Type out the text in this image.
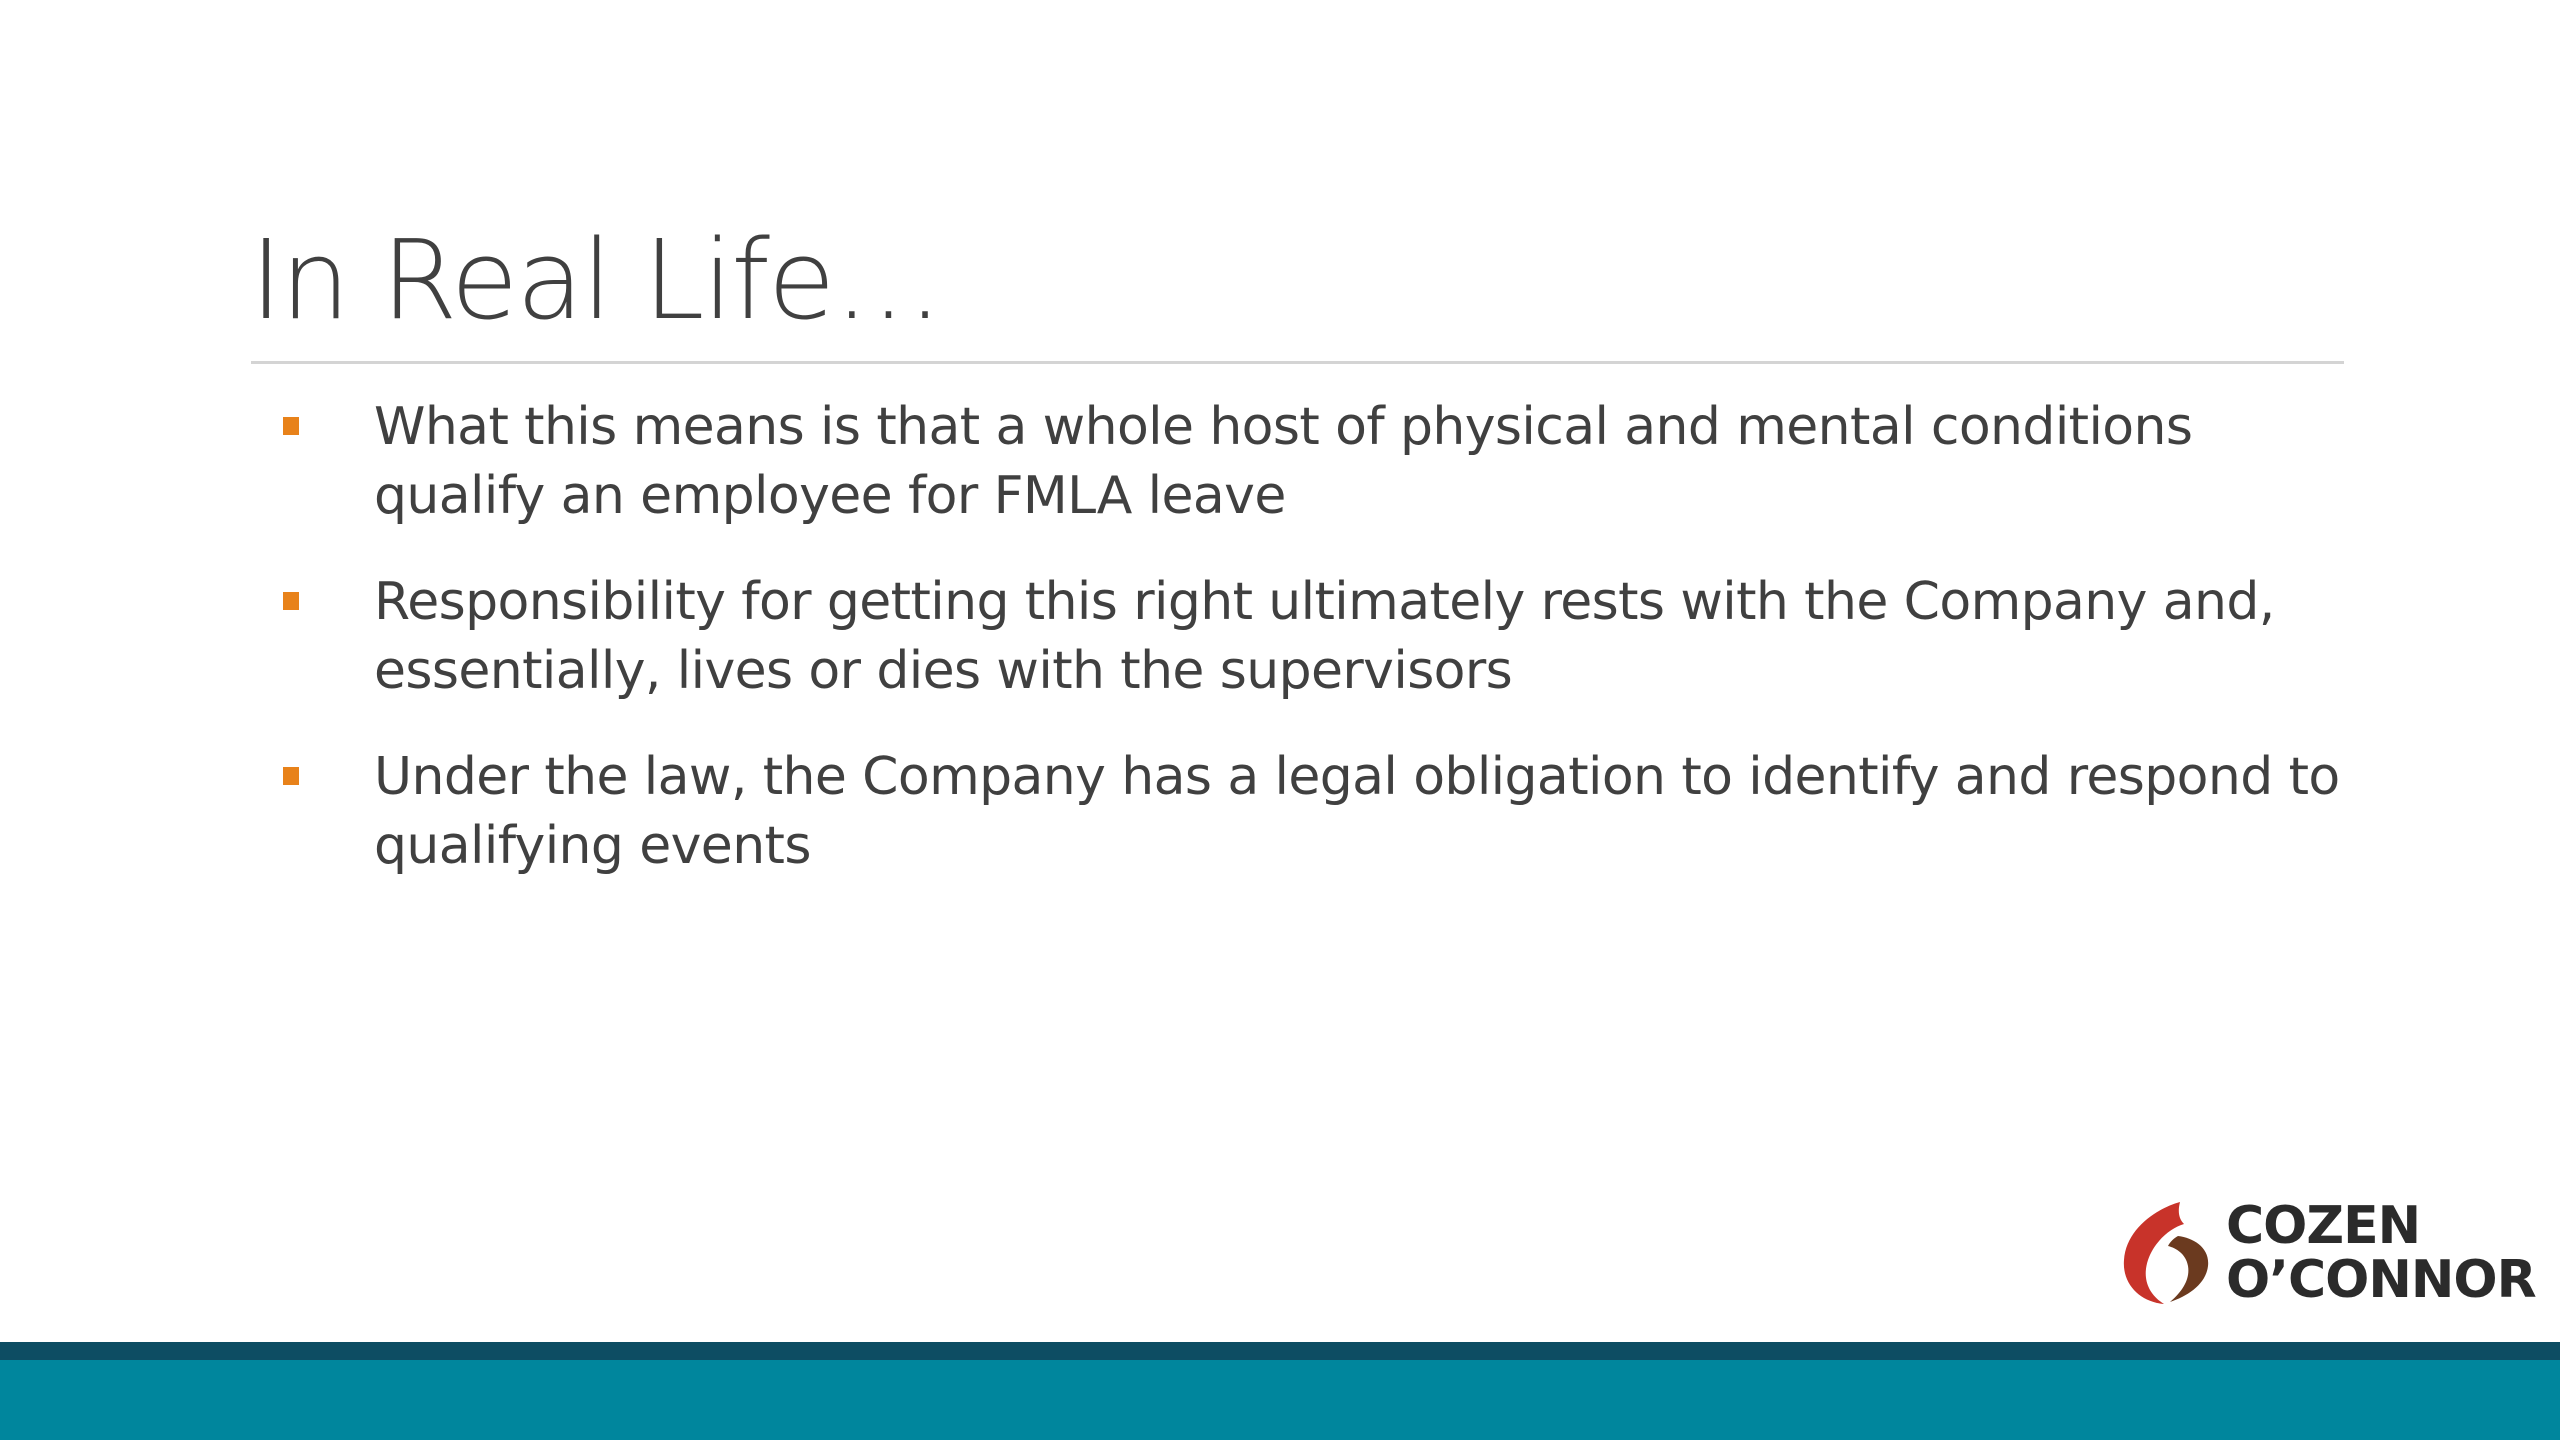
In Real Life…
What this means is that a whole host of physical and mental conditions qualify an employee for FMLA leave
Responsibility for getting this right ultimately rests with the Company and, essentially, lives or dies with the supervisors
Under the law, the Company has a legal obligation to identify and respond to qualifying events
COZEN
O’CONNOR
